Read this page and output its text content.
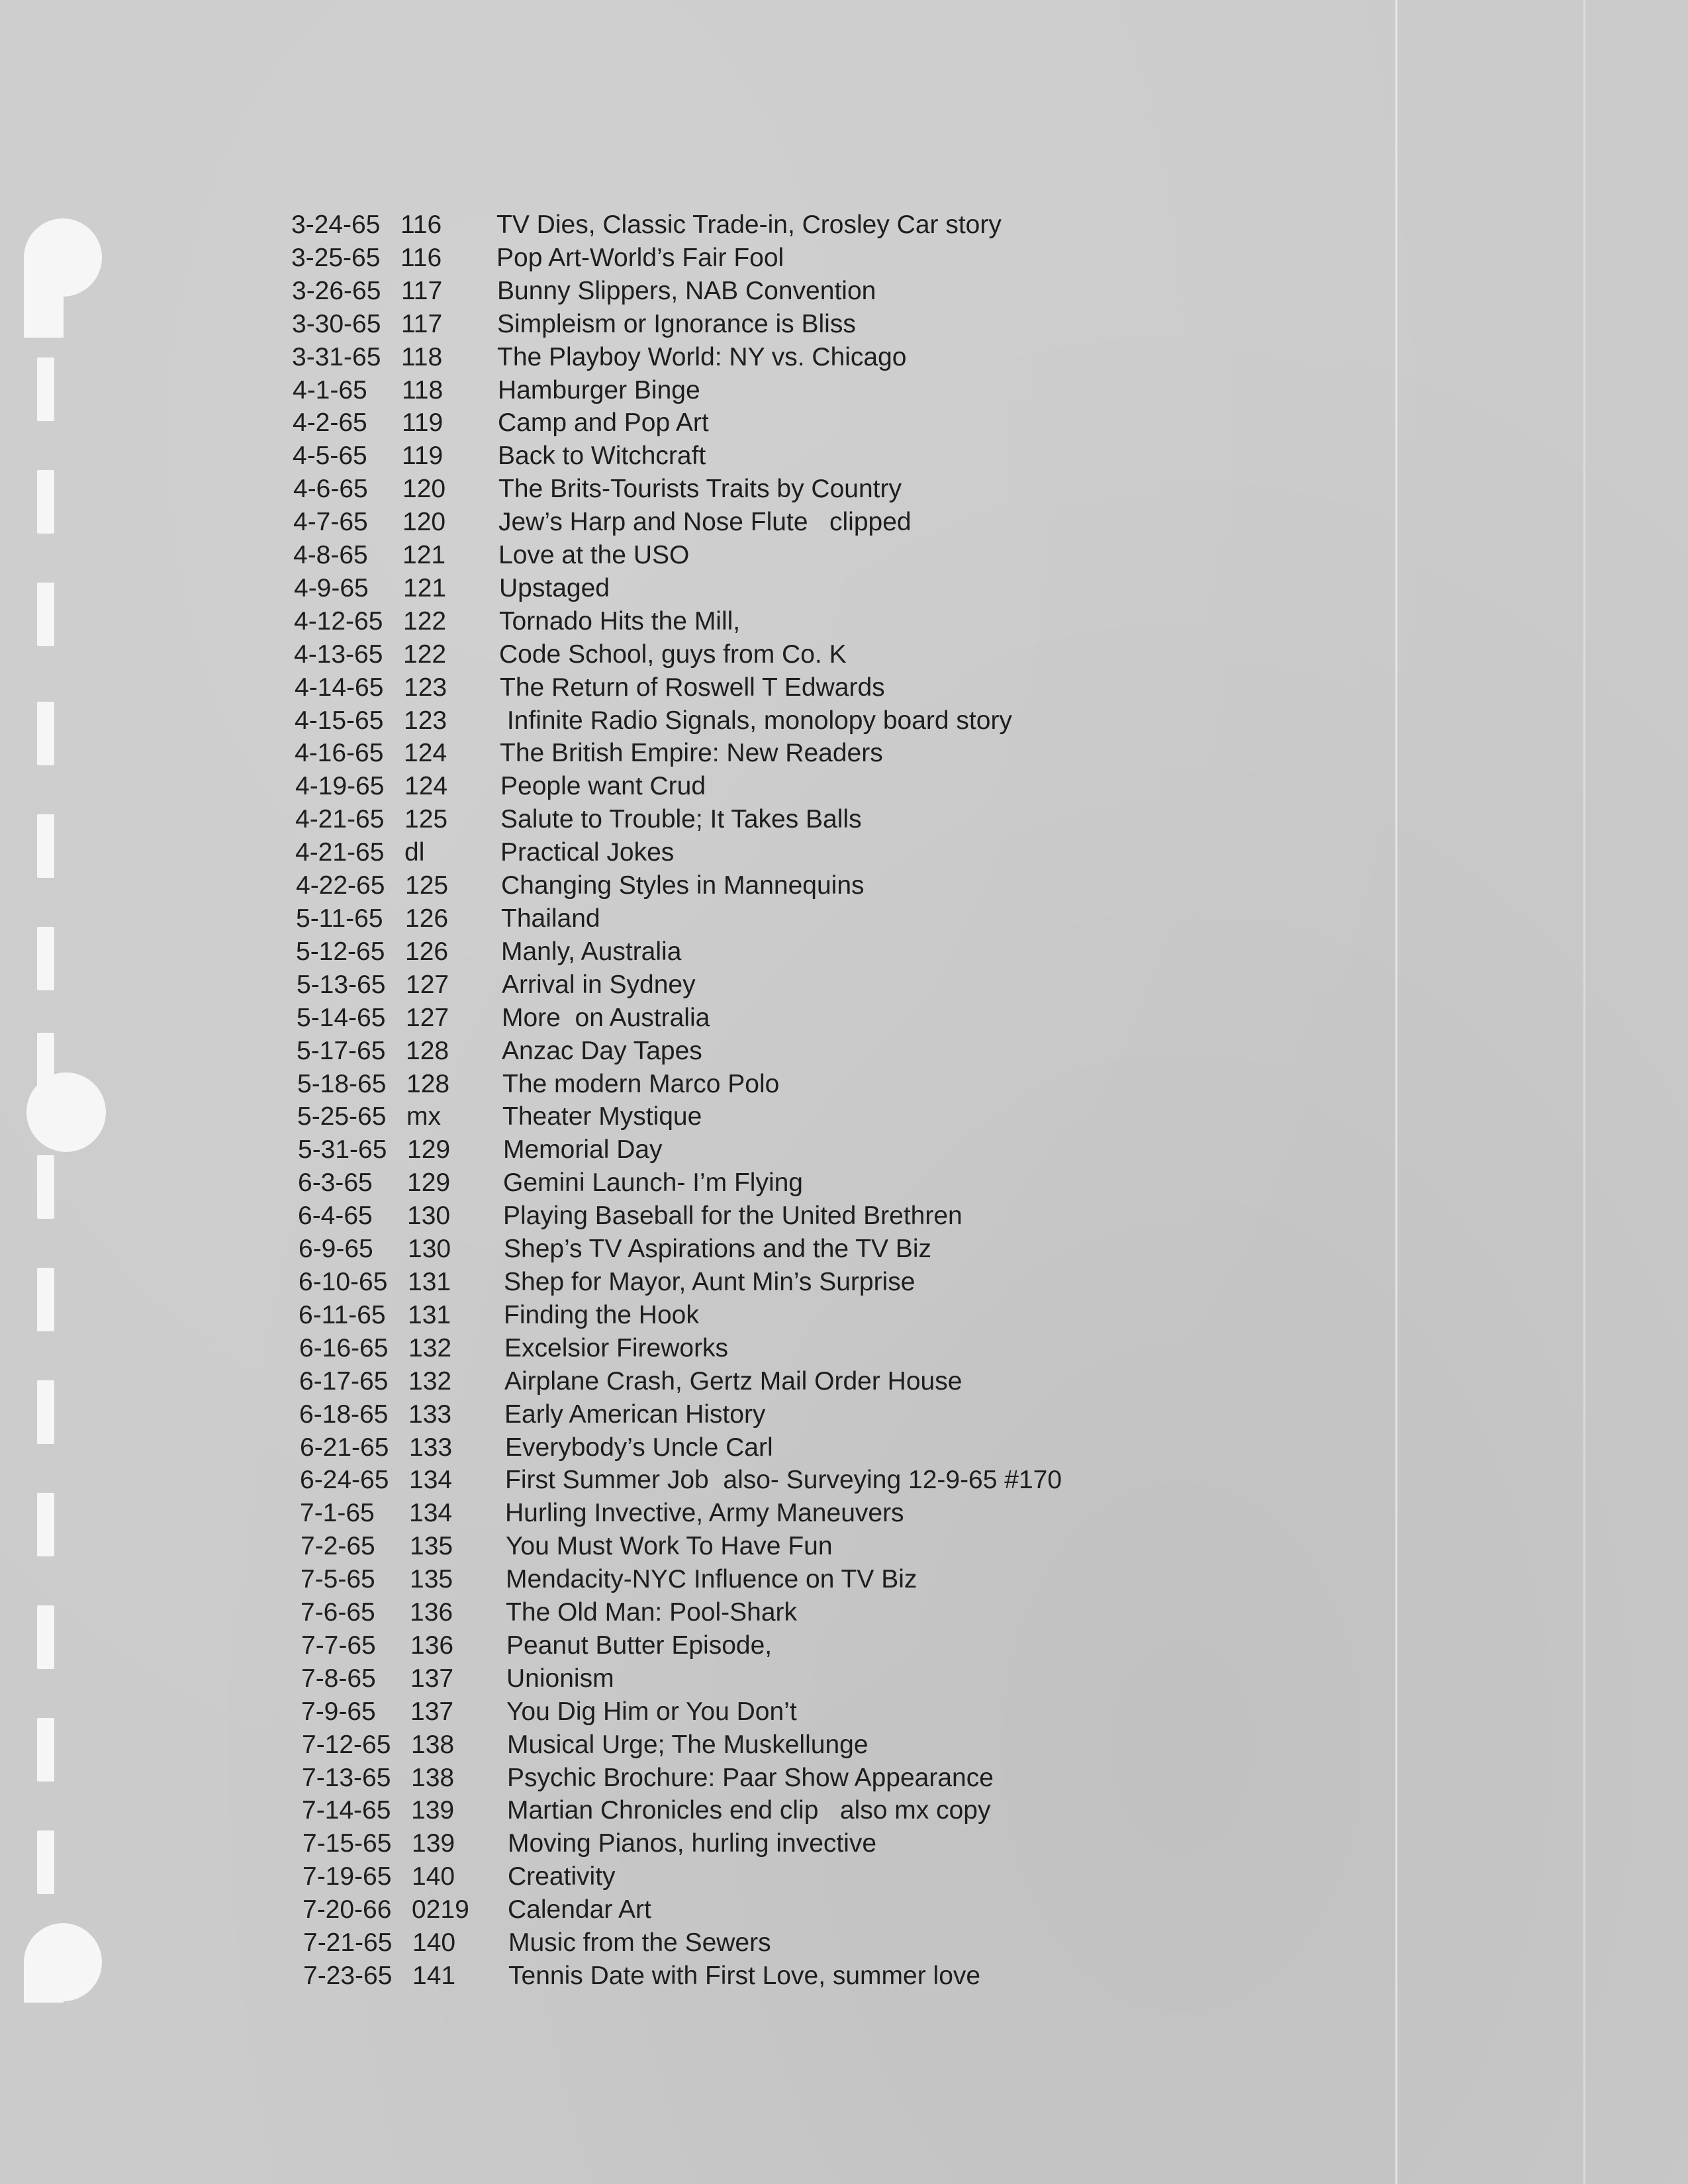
3-24-65 116 TV Dies, Classic Trade-in, Crosley Car story
3-25-65 116 Pop Art-World’s Fair Fool
3-26-65 117 Bunny Slippers, NAB Convention
3-30-65 117 Simpleism or Ignorance is Bliss
3-31-65 118 The Playboy World: NY vs. Chicago
4-1-65 118 Hamburger Binge
4-2-65 119 Camp and Pop Art
4-5-65 119 Back to Witchcraft
4-6-65 120 The Brits-Tourists Traits by Country
4-7-65 120 Jew’s Harp and Nose Flute   clipped
4-8-65 121 Love at the USO
4-9-65 121 Upstaged
4-12-65 122 Tornado Hits the Mill,
4-13-65 122 Code School, guys from Co. K
4-14-65 123 The Return of Roswell T Edwards
4-15-65 123 Infinite Radio Signals, monolopy board story
4-16-65 124 The British Empire: New Readers
4-19-65 124 People want Crud
4-21-65 125 Salute to Trouble; It Takes Balls
4-21-65 dl	Practical Jokes
4-22-65 125 Changing Styles in Mannequins
5-11-65 126 Thailand
5-12-65 126 Manly, Australia
5-13-65 127 Arrival in Sydney
5-14-65 127 More  on Australia
5-17-65 128 Anzac Day Tapes
5-18-65 128 The modern Marco Polo
5-25-65 mx Theater Mystique
5-31-65 129 Memorial Day
6-3-65 129 Gemini Launch- I’m Flying
6-4-65 130 Playing Baseball for the United Brethren
6-9-65 130 Shep’s TV Aspirations and the TV Biz
6-10-65 131 Shep for Mayor, Aunt Min’s Surprise
6-11-65 131 Finding the Hook
6-16-65 132 Excelsior Fireworks
6-17-65 132 Airplane Crash, Gertz Mail Order House
6-18-65 133 Early American History
6-21-65 133 Everybody’s Uncle Carl
6-24-65 134 First Summer Job  also- Surveying 12-9-65 #170
7-1-65 134 Hurling Invective, Army Maneuvers
7-2-65 135 You Must Work To Have Fun
7-5-65 135 Mendacity-NYC Influence on TV Biz
7-6-65 136 The Old Man: Pool-Shark
7-7-65 136 Peanut Butter Episode,
7-8-65 137 Unionism
7-9-65 137 You Dig Him or You Don’t
7-12-65 138 Musical Urge; The Muskellunge
7-13-65 138 Psychic Brochure: Paar Show Appearance
7-14-65 139 Martian Chronicles end clip   also mx copy
7-15-65 139 Moving Pianos, hurling invective
7-19-65 140 Creativity
7-20-66 0219 Calendar Art
7-21-65 140 Music from the Sewers
7-23-65 141 Tennis Date with First Love, summer love
